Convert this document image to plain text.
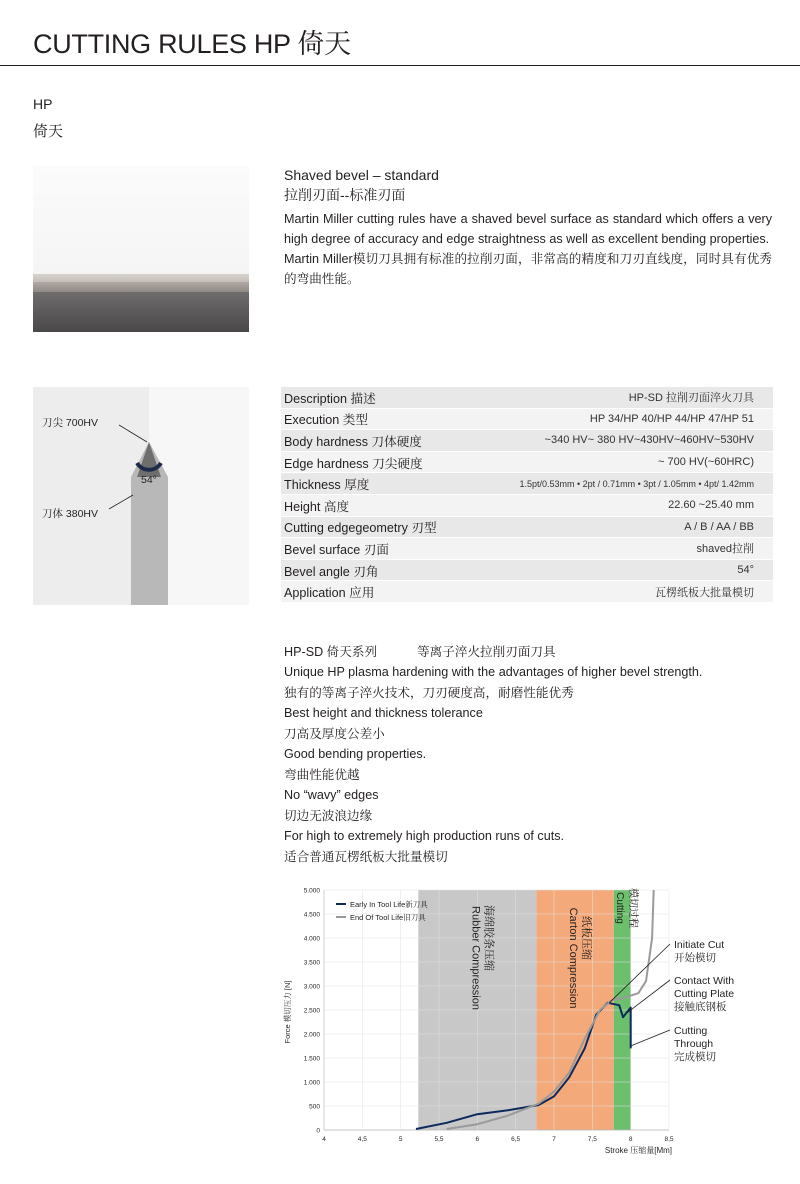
CUTTING RULES HP 倚天
HP
倚天
Shaved bevel – standard
拉削刃面--标准刃面

Martin Miller cutting rules have a shaved bevel surface as standard which offers a very high degree of accuracy and edge straightness as well as excellent bending properties.

Martin Miller模切刀具拥有标准的拉削刃面，非常高的精度和刀刃直线度，同时具有优秀的弯曲性能。

刀尖 700HV
刀体 380HV
54°
Description 描述	HP-SD 拉削刃面淬火刀具
Execution 类型	HP 34/HP 40/HP 44/HP 47/HP 51
Body hardness 刀体硬度	~340 HV~ 380 HV~430HV~460HV~530HV
Edge hardness 刀尖硬度	~ 700 HV(~60HRC)
Thickness 厚度	1.5pt/0.53mm • 2pt / 0.71mm • 3pt / 1.05mm • 4pt/ 1.42mm
Height 高度	22.60 ~25.40 mm
Cutting edgegeometry 刃型	A / B / AA / BB
Bevel surface 刃面	shaved拉削
Bevel angle 刃角	54°
Application 应用	瓦楞纸板大批量模切
HP-SD 倚天系列	等离子淬火拉削刃面刀具
Unique HP plasma hardening with the advantages of higher bevel strength.
独有的等离子淬火技术，刀刃硬度高，耐磨性能优秀
Best height and thickness tolerance
刀高及厚度公差小
Good bending properties.
弯曲性能优越
No “wavy” edges
切边无波浪边缘
For high to extremely high production runs of cuts.
适合普通瓦楞纸板大批量模切
0
500
1.000
1.500
2.000
2.500
3.000
3.500
4.000
4.500
5.000
4	4,5	5	5,5	6	6,5	7	7,5	8	8,5
Rubber Compression 海绵胶条压缩	Carton Compression 纸板压缩
Cutting 模切过程
Early In Tool Life新刀具
End Of Tool Life旧刀具
Initiate Cut
开始模切
Contact With
Cutting Plate
接触底钢板
Cutting
Through
完成模切
Force 模切压力 [N]
Stroke 压缩量[Mm]
